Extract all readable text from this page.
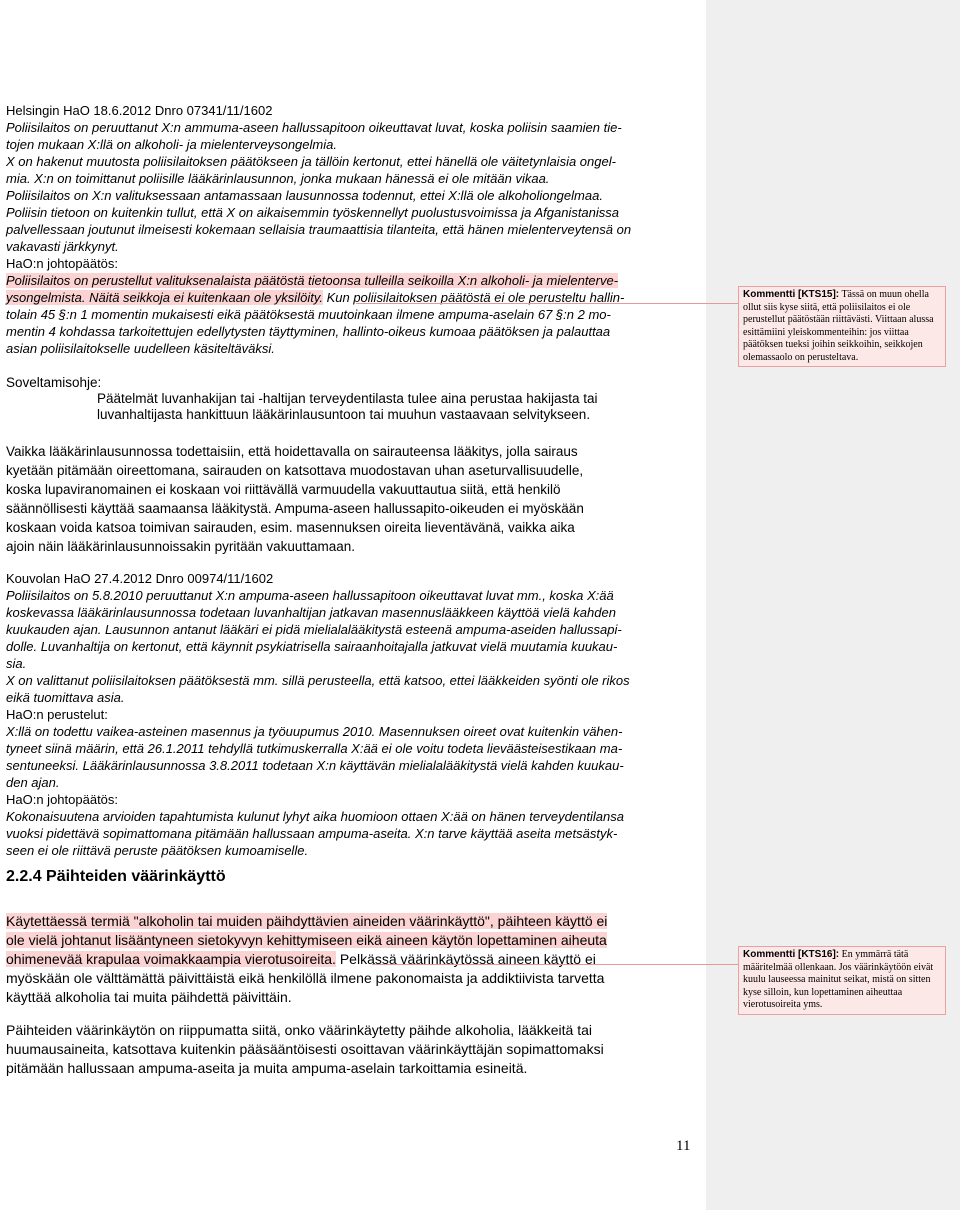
Helsingin HaO 18.6.2012 Dnro 07341/11/1602
Poliisilaitos on peruuttanut X:n ammuma-aseen hallussapitoon oikeuttavat luvat, koska poliisin saamien tie-
tojen mukaan X:llä on alkoholi- ja mielenterveysongelmia.
X on hakenut muutosta poliisilaitoksen päätökseen ja tällöin kertonut, ettei hänellä ole väitetynlaisia ongel-
mia. X:n on toimittanut poliisille lääkärinlausunnon, jonka mukaan hänessä ei ole mitään vikaa.
Poliisilaitos on X:n valituksessaan antamassaan lausunnossa todennut, ettei X:llä ole alkoholiongelmaa.
Poliisin tietoon on kuitenkin tullut, että X on aikaisemmin työskennellyt puolustusvoimissa ja Afganistanissa
palvellessaan joutunut ilmeisesti kokemaan sellaisia traumaattisia tilanteita, että hänen mielenterveytensä on
vakavasti järkkynyt.
HaO:n johtopäätös:
Poliisilaitos on perustellut valituksenalaista päätöstä tietoonsa tulleilla seikoilla X:n alkoholi- ja mielenterve-
ysongelmista. Näitä seikkoja ei kuitenkaan ole yksilöity. Kun poliisilaitoksen päätöstä ei ole perusteltu hallin-
tolain 45 §:n 1 momentin mukaisesti eikä päätöksestä muutoinkaan ilmene ampuma-aselain 67 §:n 2 mo-
mentin 4 kohdassa tarkoitettujen edellytysten täyttyminen, hallinto-oikeus kumoaa päätöksen ja palauttaa
asian poliisilaitokselle uudelleen käsiteltäväksi.
Soveltamisohje:
Päätelmät luvanhakijan tai -haltijan terveydentilasta tulee aina perustaa hakijasta tai
luvanhaltijasta hankittuun lääkärinlausuntoon tai muuhun vastaavaan selvitykseen.
Vaikka lääkärinlausunnossa todettaisiin, että hoidettavalla on sairauteensa lääkitys, jolla sairaus
kyetään pitämään oireettomana, sairauden on katsottava muodostavan uhan aseturvallisuudelle,
koska lupaviranomainen ei koskaan voi riittävällä varmuudella vakuuttautua siitä, että henkilö
säännöllisesti käyttää saamaansa lääkitystä. Ampuma-aseen hallussapito-oikeuden ei myöskään
koskaan voida katsoa toimivan sairauden, esim. masennuksen oireita lieventävänä, vaikka aika
ajoin näin lääkärinlausunnoissakin pyritään vakuuttamaan.
Kouvolan HaO 27.4.2012 Dnro 00974/11/1602
Poliisilaitos on 5.8.2010 peruuttanut X:n ampuma-aseen hallussapitoon oikeuttavat luvat mm., koska X:ää
koskevassa lääkärinlausunnossa todetaan luvanhaltijan jatkavan masennuslääkkeen käyttöä vielä kahden
kuukauden ajan. Lausunnon antanut lääkäri ei pidä mielialalääkitystä esteenä ampuma-aseiden hallussapi-
dolle. Luvanhaltija on kertonut, että käynnit psykiatrisella sairaanhoitajalla jatkuvat vielä muutamia kuukau-
sia.
X on valittanut poliisilaitoksen päätöksestä mm. sillä perusteella, että katsoo, ettei lääkkeiden syönti ole rikos
eikä tuomittava asia.
HaO:n perustelut:
X:llä on todettu vaikea-asteinen masennus ja työuupumus 2010. Masennuksen oireet ovat kuitenkin vähen-
tyneet siinä määrin, että 26.1.2011 tehdyllä tutkimuskerralla X:ää ei ole voitu todeta lieväästeisestikaan ma-
sentuneeksi. Lääkärinlausunnossa 3.8.2011 todetaan X:n käyttävän mielialalääkitystä vielä kahden kuukau-
den ajan.
HaO:n johtopäätös:
Kokonaisuutena arvioiden tapahtumista kulunut lyhyt aika huomioon ottaen X:ää on hänen terveydentilansa
vuoksi pidettävä sopimattomana pitämään hallussaan ampuma-aseita. X:n tarve käyttää aseita metsästyk-
seen ei ole riittävä peruste päätöksen kumoamiselle.
2.2.4 Päihteiden väärinkäyttö
Käytettäessä termiä "alkoholin tai muiden päihdyttävien aineiden väärinkäyttö", päihteen käyttö ei
ole vielä johtanut lisääntyneen sietokyvyn kehittymiseen eikä aineen käytön lopettaminen aiheuta
ohimenevää krapulaa voimakkaampia vierotusoireita. Pelkässä väärinkäytössä aineen käyttö ei
myöskään ole välttämättä päivittäistä eikä henkilöllä ilmene pakonomaista ja addiktiivista tarvetta
käyttää alkoholia tai muita päihdettä päivittäin.
Päihteiden väärinkäytön on riippumatta siitä, onko väärinkäytetty päihde alkoholia, lääkkeitä tai
huumausaineita, katsottava kuitenkin pääsääntöisesti osoittavan väärinkäyttäjän sopimattomaksi
pitämään hallussaan ampuma-aseita ja muita ampuma-aselain tarkoittamia esineitä.
Kommentti [KTS15]: Tässä on muun ohella ollut siis kyse siitä, että poliisilaitos ei ole perustellut päätöstään riittävästi. Viittaan alussa esittämiini yleiskommenteihin: jos viittaa päätöksen tueksi joihin seikkoihin, seikkojen olemassaolo on perusteltava.
Kommentti [KTS16]: En ymmärrä tätä määritelmää ollenkaan. Jos väärinkäytöön eivät kuulu lauseessa mainitut seikat, mistä on sitten kyse silloin, kun lopettaminen aiheuttaa vierotusoireita yms.
11
